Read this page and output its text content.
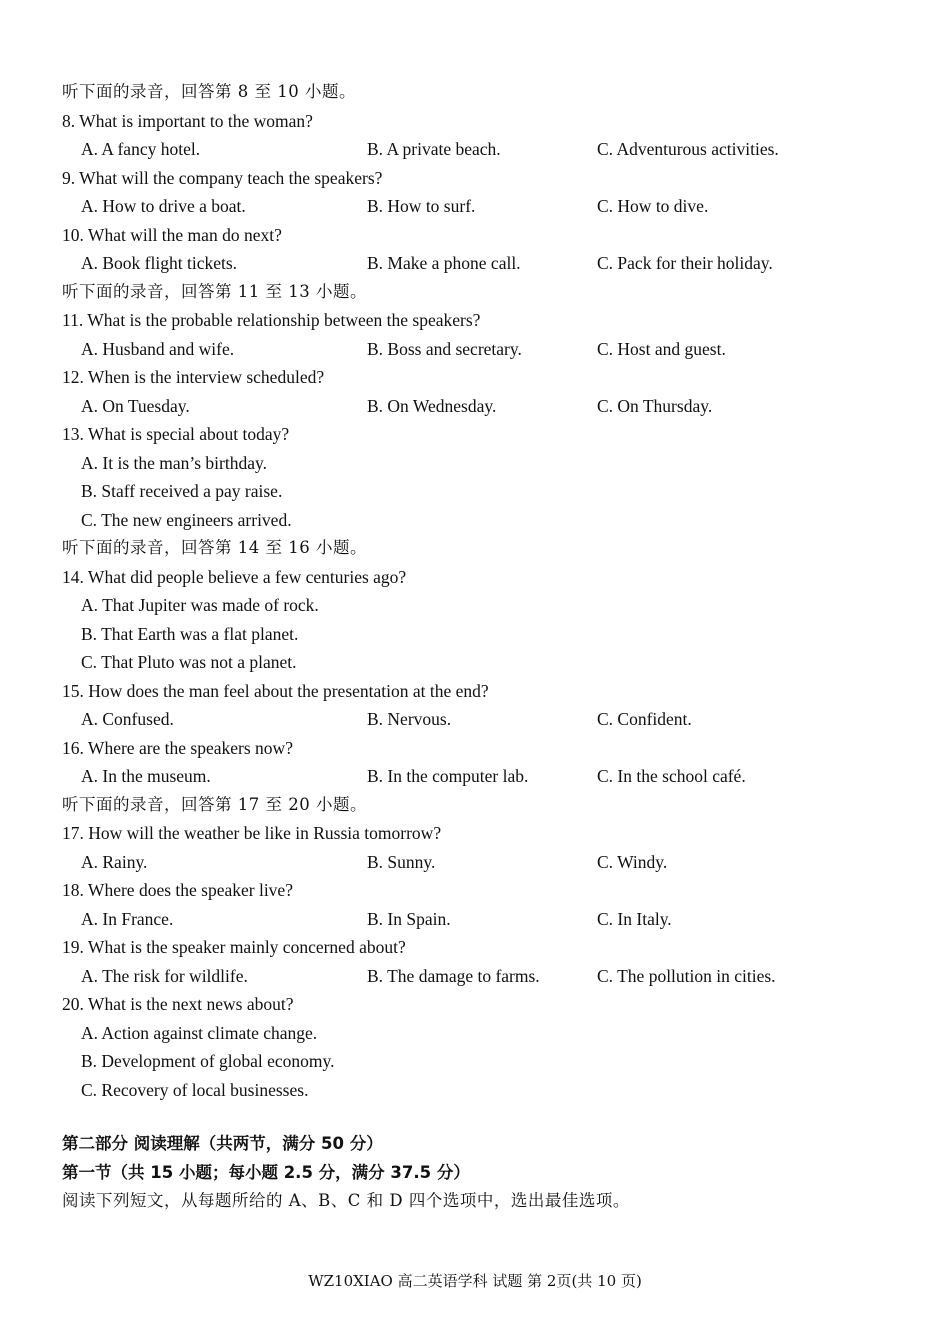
听下面的录音，回答第 8 至 10 小题。
8. What is important to the woman?
A. A fancy hotel.	B. A private beach.	C. Adventurous activities.
9. What will the company teach the speakers?
A. How to drive a boat.	B. How to surf.	C. How to dive.
10. What will the man do next?
A. Book flight tickets.	B. Make a phone call.	C. Pack for their holiday.
听下面的录音，回答第 11 至 13 小题。
11. What is the probable relationship between the speakers?
A. Husband and wife.	B. Boss and secretary.	C. Host and guest.
12. When is the interview scheduled?
A. On Tuesday.	B. On Wednesday.	C. On Thursday.
13. What is special about today?
A. It is the man’s birthday.
B. Staff received a pay raise.
C. The new engineers arrived.
听下面的录音，回答第 14 至 16 小题。
14. What did people believe a few centuries ago?
A. That Jupiter was made of rock.
B. That Earth was a flat planet.
C. That Pluto was not a planet.
15. How does the man feel about the presentation at the end?
A. Confused.	B. Nervous.	C. Confident.
16. Where are the speakers now?
A. In the museum.	B. In the computer lab.	C. In the school café.
听下面的录音，回答第 17 至 20 小题。
17. How will the weather be like in Russia tomorrow?
A. Rainy.	B. Sunny.	C. Windy.
18. Where does the speaker live?
A. In France.	B. In Spain.	C. In Italy.
19. What is the speaker mainly concerned about?
A. The risk for wildlife.	B. The damage to farms.	C. The pollution in cities.
20. What is the next news about?
A. Action against climate change.
B. Development of global economy.
C. Recovery of local businesses.
第二部分 阅读理解（共两节，满分 50 分）
第一节（共 15 小题；每小题 2.5 分，满分 37.5 分）
阅读下列短文，从每题所给的 A、B、C 和 D 四个选项中，选出最佳选项。
WZ10XIAO 高二英语学科 试题 第 2页(共 10 页)
